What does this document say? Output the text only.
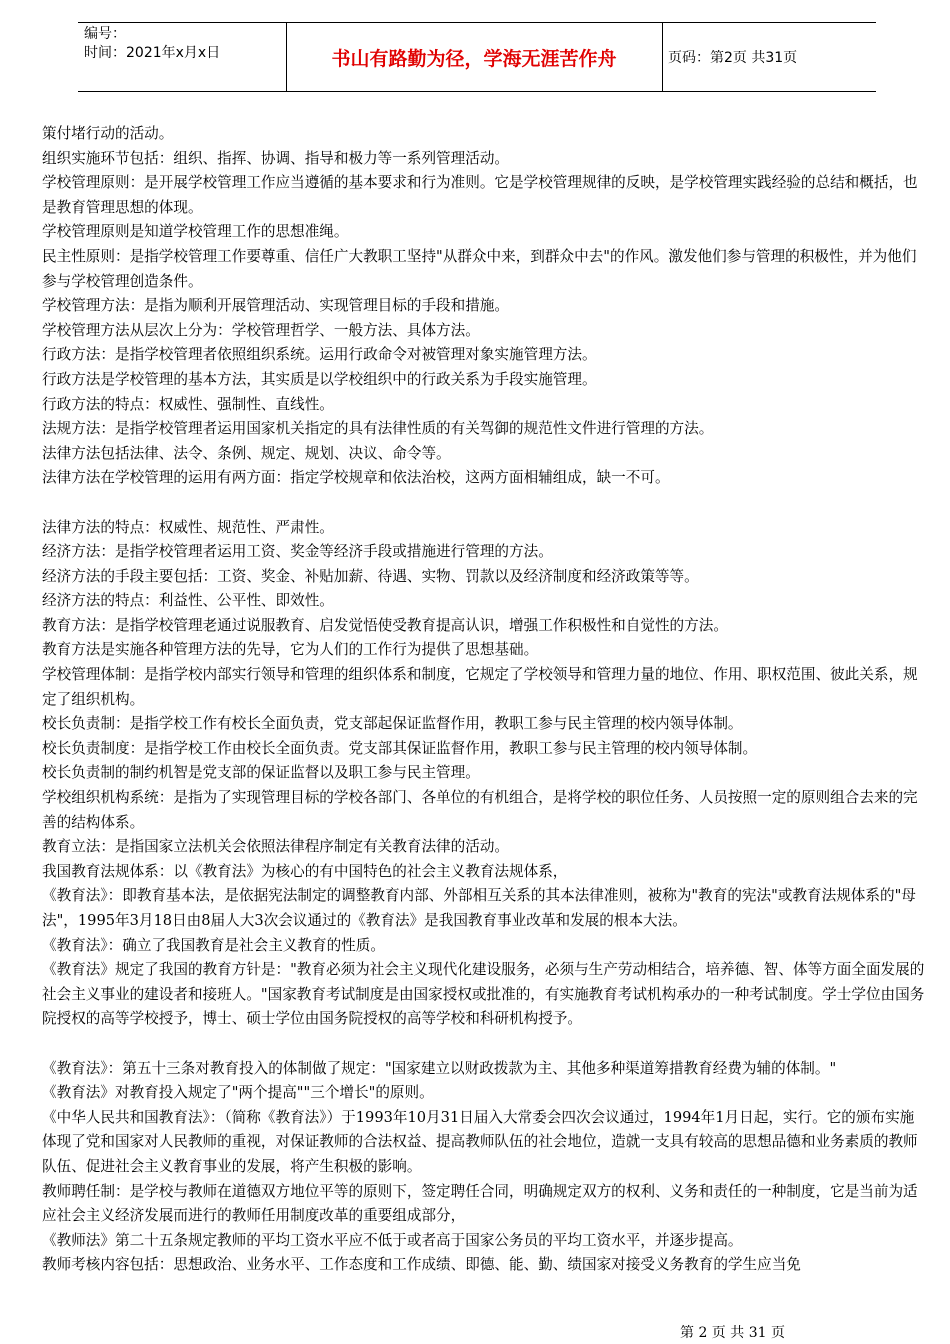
编号：
时间：2021年x月x日	书山有路勤为径，学海无涯苦作舟	页码：第2页 共31页

策付堵行动的活动。

组织实施环节包括：组织、指挥、协调、指导和极力等一系列管理活动。

学校管理原则：是开展学校管理工作应当遵循的基本要求和行为准则。它是学校管理规律的反映，是学校管理实践经验的总结和概括，也是教育管理思想的体现。

学校管理原则是知道学校管理工作的思想准绳。

民主性原则：是指学校管理工作要尊重、信任广大教职工坚持"从群众中来，到群众中去"的作风。激发他们参与管理的积极性，并为他们参与学校管理创造条件。

学校管理方法：是指为顺利开展管理活动、实现管理目标的手段和措施。

学校管理方法从层次上分为：学校管理哲学、一般方法、具体方法。

行政方法：是指学校管理者依照组织系统。运用行政命令对被管理对象实施管理方法。

行政方法是学校管理的基本方法，其实质是以学校组织中的行政关系为手段实施管理。

行政方法的特点：权威性、强制性、直线性。

法规方法：是指学校管理者运用国家机关指定的具有法律性质的有关驾御的规范性文件进行管理的方法。

法律方法包括法律、法令、条例、规定、规划、决议、命令等。

法律方法在学校管理的运用有两方面：指定学校规章和依法治校，这两方面相辅组成，缺一不可。

法律方法的特点：权威性、规范性、严肃性。

经济方法：是指学校管理者运用工资、奖金等经济手段或措施进行管理的方法。

经济方法的手段主要包括：工资、奖金、补贴加薪、待遇、实物、罚款以及经济制度和经济政策等等。

经济方法的特点：利益性、公平性、即效性。

教育方法：是指学校管理老通过说服教育、启发觉悟使受教育提高认识，增强工作积极性和自觉性的方法。

教育方法是实施各种管理方法的先导，它为人们的工作行为提供了思想基础。

学校管理体制：是指学校内部实行领导和管理的组织体系和制度，它规定了学校领导和管理力量的地位、作用、职权范围、彼此关系，规定了组织机构。

校长负责制：是指学校工作有校长全面负责，党支部起保证监督作用，教职工参与民主管理的校内领导体制。

校长负责制度：是指学校工作由校长全面负责。党支部其保证监督作用，教职工参与民主管理的校内领导体制。

校长负责制的制约机智是党支部的保证监督以及职工参与民主管理。

学校组织机构系统：是指为了实现管理目标的学校各部门、各单位的有机组合，是将学校的职位任务、人员按照一定的原则组合去来的完善的结构体系。

教育立法：是指国家立法机关会依照法律程序制定有关教育法律的活动。

我国教育法规体系：以《教育法》为核心的有中国特色的社会主义教育法规体系，

《教育法》：即教育基本法，是依据宪法制定的调整教育内部、外部相互关系的其本法律准则，被称为"教育的宪法"或教育法规体系的"母法"，1995年3月18日由8届人大3次会议通过的《教育法》是我国教育事业改革和发展的根本大法。

《教育法》：确立了我国教育是社会主义教育的性质。

《教育法》规定了我国的教育方针是："教育必须为社会主义现代化建设服务，必须与生产劳动相结合，培养德、智、体等方面全面发展的社会主义事业的建设者和接班人。"国家教育考试制度是由国家授权或批准的，有实施教育考试机构承办的一种考试制度。学士学位由国务院授权的高等学校授予，博士、硕士学位由国务院授权的高等学校和科研机构授予。

《教育法》：第五十三条对教育投入的体制做了规定："国家建立以财政拨款为主、其他多种渠道筹措教育经费为辅的体制。"

《教育法》对教育投入规定了"两个提高""三个增长"的原则。

《中华人民共和国教育法》：（简称《教育法》）于1993年10月31日届入大常委会四次会议通过，1994年1月日起，实行。它的颁布实施体现了党和国家对人民教师的重视，对保证教师的合法权益、提高教师队伍的社会地位，造就一支具有较高的思想品德和业务素质的教师队伍、促进社会主义教育事业的发展，将产生积极的影响。

教师聘任制：是学校与教师在道德双方地位平等的原则下，签定聘任合同，明确规定双方的权利、义务和责任的一种制度，它是当前为适应社会主义经济发展而进行的教师任用制度改革的重要组成部分，

《教师法》第二十五条规定教师的平均工资水平应不低于或者高于国家公务员的平均工资水平，并逐步提高。

教师考核内容包括：思想政治、业务水平、工作态度和工作成绩、即德、能、勤、绩国家对接受义务教育的学生应当免

第 2 页 共 31 页
